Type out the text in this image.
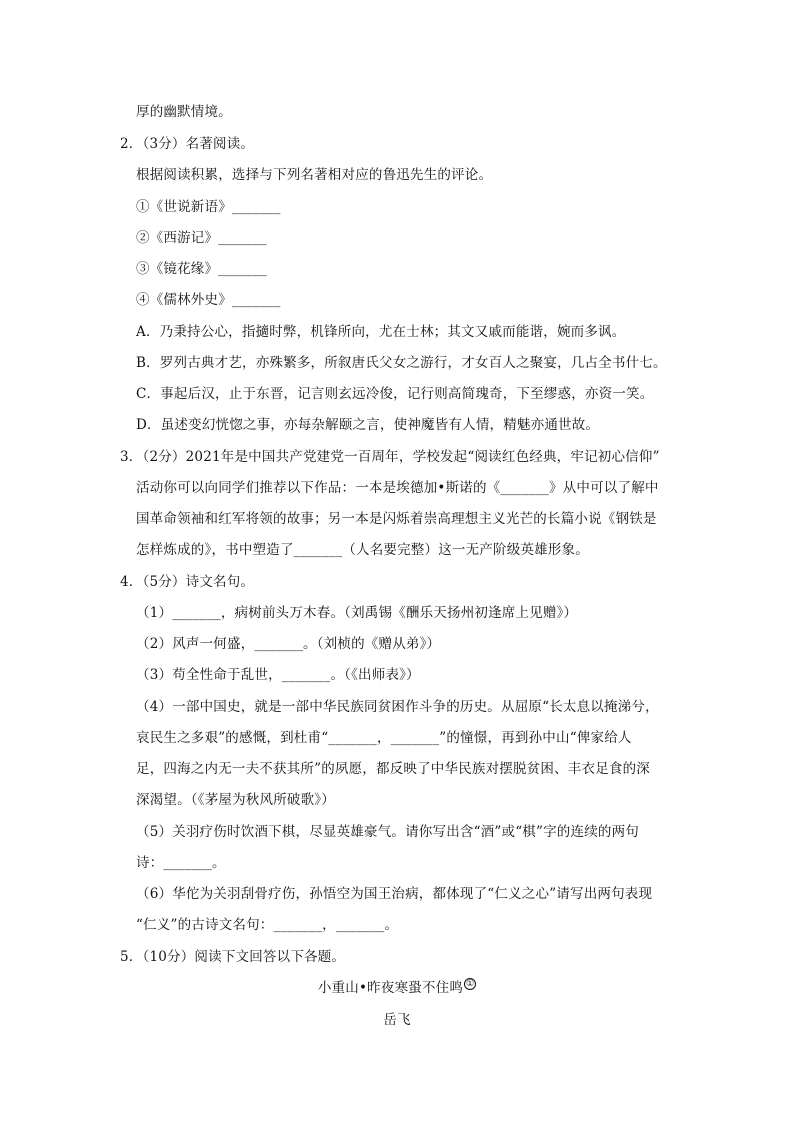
厚的幽默情境。
2．（3分）名著阅读。
根据阅读积累，选择与下列名著相对应的鲁迅先生的评论。
①《世说新语》_______
②《西游记》_______
③《镜花缘》_______
④《儒林外史》_______
A．乃秉持公心，指擿时弊，机锋所向，尤在士林；其文又戚而能谐，婉而多讽。
B．罗列古典才艺，亦殊繁多，所叙唐氏父女之游行，才女百人之聚宴，几占全书什七。
C．事起后汉，止于东晋，记言则玄远冷俊，记行则高简瑰奇，下至缪惑，亦资一笑。
D．虽述变幻恍惚之事，亦每杂解颐之言，使神魔皆有人情，精魅亦通世故。
3．（2分）2021年是中国共产党建党一百周年，学校发起“阅读红色经典，牢记初心信仰”
活动你可以向同学们推荐以下作品：一本是埃德加•斯诺的《_______》从中可以了解中
国革命领袖和红军将领的故事；另一本是闪烁着崇高理想主义光芒的长篇小说《钢铁是
怎样炼成的》，书中塑造了_______（人名要完整）这一无产阶级英雄形象。
4．（5分）诗文名句。
（1）_______，病树前头万木春。（刘禹锡《酬乐天扬州初逢席上见赠》）
（2）风声一何盛，_______。（刘桢的《赠从弟》）
（3）苟全性命于乱世，_______。（《出师表》）
（4）一部中国史，就是一部中华民族同贫困作斗争的历史。从屈原“长太息以掩涕兮，
哀民生之多艰”的感慨，到杜甫“_______，_______”的憧憬，再到孙中山“俾家给人
足，四海之内无一夫不获其所”的夙愿，都反映了中华民族对摆脱贫困、丰衣足食的深
深渴望。（《茅屋为秋风所破歌》）
（5）关羽疗伤时饮酒下棋，尽显英雄豪气。请你写出含“酒”或“棋”字的连续的两句
诗：_______。
（6）华佗为关羽刮骨疗伤，孙悟空为国王治病，都体现了“仁义之心”请写出两句表现
“仁义”的古诗文名句：_______，_______。
5．（10分）阅读下文回答以下各题。
小重山•昨夜寒蛩不住鸣 ①
岳飞
